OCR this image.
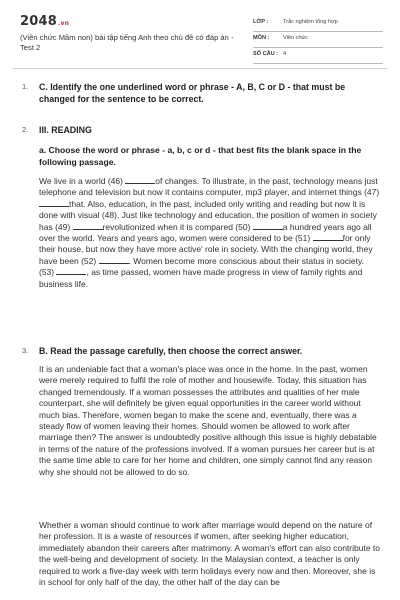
2048.vn
(Viên chức Mầm non) bài tập tiếng Anh theo chủ đề có đáp án - Test 2
LỚP :	Trắc nghiệm tổng hợp
MÔN : Viên chức
SỐ CÂU : 4
1. C. Identify the one underlined word or phrase - A, B, C or D - that must be changed for the sentence to be correct.
2. III. READING
a. Choose the word or phrase - a, b, c or d - that best fits the blank space in the following passage.
We live in a world (46)	of changes. To illustrate, in the past, technology means just telephone and television but now it contains computer, mp3 player, and internet things (47) that. Also, education, in the past, included only writing and reading but now it is done with visual (48). Just like technology and education, the position of women in society has (49)	revolutionized when it is compared (50)	a hundred years ago all over the world. Years and years ago, women were considered to be (51)	for only their house, but now they have more active' role in society. With the changing world, they have been (52)	. Women become more conscious about their status in society. (53)	, as time passed, women have made progress in view of family rights and business life.
3. B. Read the passage carefully, then choose the correct answer.
It is an undeniable fact that a woman's place was once in the home. In the past, women were merely required to fulfil the role of mother and housewife. Today, this situation has changed tremendously. If a woman possesses the attributes and qualities of her male counterpart, she will definitely be given equal opportunities in the career world without much bias. Therefore, women began to make the scene and, eventually, there was a steady flow of women leaving their homes. Should women be allowed to work after marriage then? The answer is undoubtedly positive although this issue is highly debatable in terms of the nature of the professions involved. If a woman pursues her career but is at the same time able to care for her home and children, one simply cannot find any reason why she should not be allowed to do so.
Whether a woman should continue to work after marriage would depend on the nature of her profession. It is a waste of resources if women, after seeking higher education, immediately abandon their careers after matrimony. A woman's effort can also contribute to the well-being and development of society. In the Malaysian context, a teacher is only required to work a five-day week with term holidays every now and then. Moreover, she is in school for only half of the day, the other half of the day can be
